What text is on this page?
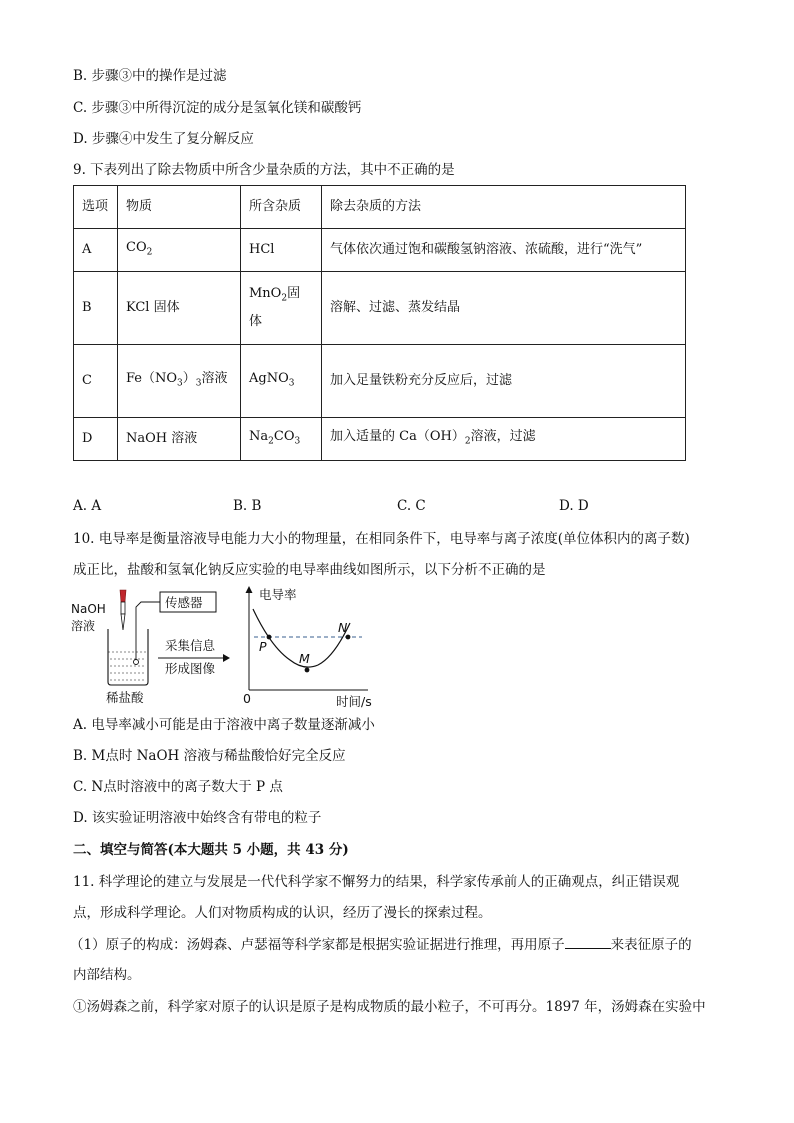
B. 步骤③中的操作是过滤
C. 步骤③中所得沉淀的成分是氢氧化镁和碳酸钙
D. 步骤④中发生了复分解反应
9. 下表列出了除去物质中所含少量杂质的方法，其中不正确的是
选项	物质	所含杂质	除去杂质的方法
A	$CO_2$	HCl	气体依次通过饱和碳酸氢钠溶液、浓硫酸，进行“洗气”
B	KCl 固体	MnO$_2$固体	溶解、过滤、蒸发结晶
C	$Fe(NO_3)_3$溶液	AgNO$_3$	加入足量铁粉充分反应后，过滤
D	NaOH 溶液	$Na_2CO_3$	加入适量的 $Ca(OH)_2$溶液，过滤
A. A	B. B	C. C	D. D
10. 电导率是衡量溶液导电能力大小的物理量，在相同条件下，电导率与离子浓度(单位体积内的离子数)
成正比，盐酸和氢氧化钠反应实验的电导率曲线如图所示，以下分析不正确的是
NaOH
溶液
传感器
稀盐酸
采集信息
形成图像
电导率
时间/s
0
P
M
N
A. 电导率减小可能是由于溶液中离子数量逐渐减小
B. M点时 NaOH 溶液与稀盐酸恰好完全反应
C. N点时溶液中的离子数大于 P 点
D. 该实验证明溶液中始终含有带电的粒子
二、填空与简答(本大题共 5 小题，共 43 分)
11. 科学理论的建立与发展是一代代科学家不懈努力的结果，科学家传承前人的正确观点，纠正错误观
点，形成科学理论。人们对物质构成的认识，经历了漫长的探索过程。
（1）原子的构成：汤姆森、卢瑟福等科学家都是根据实验证据进行推理，再用原子	来表征原子的
内部结构。
①汤姆森之前，科学家对原子的认识是原子是构成物质的最小粒子，不可再分。1897 年，汤姆森在实验中
